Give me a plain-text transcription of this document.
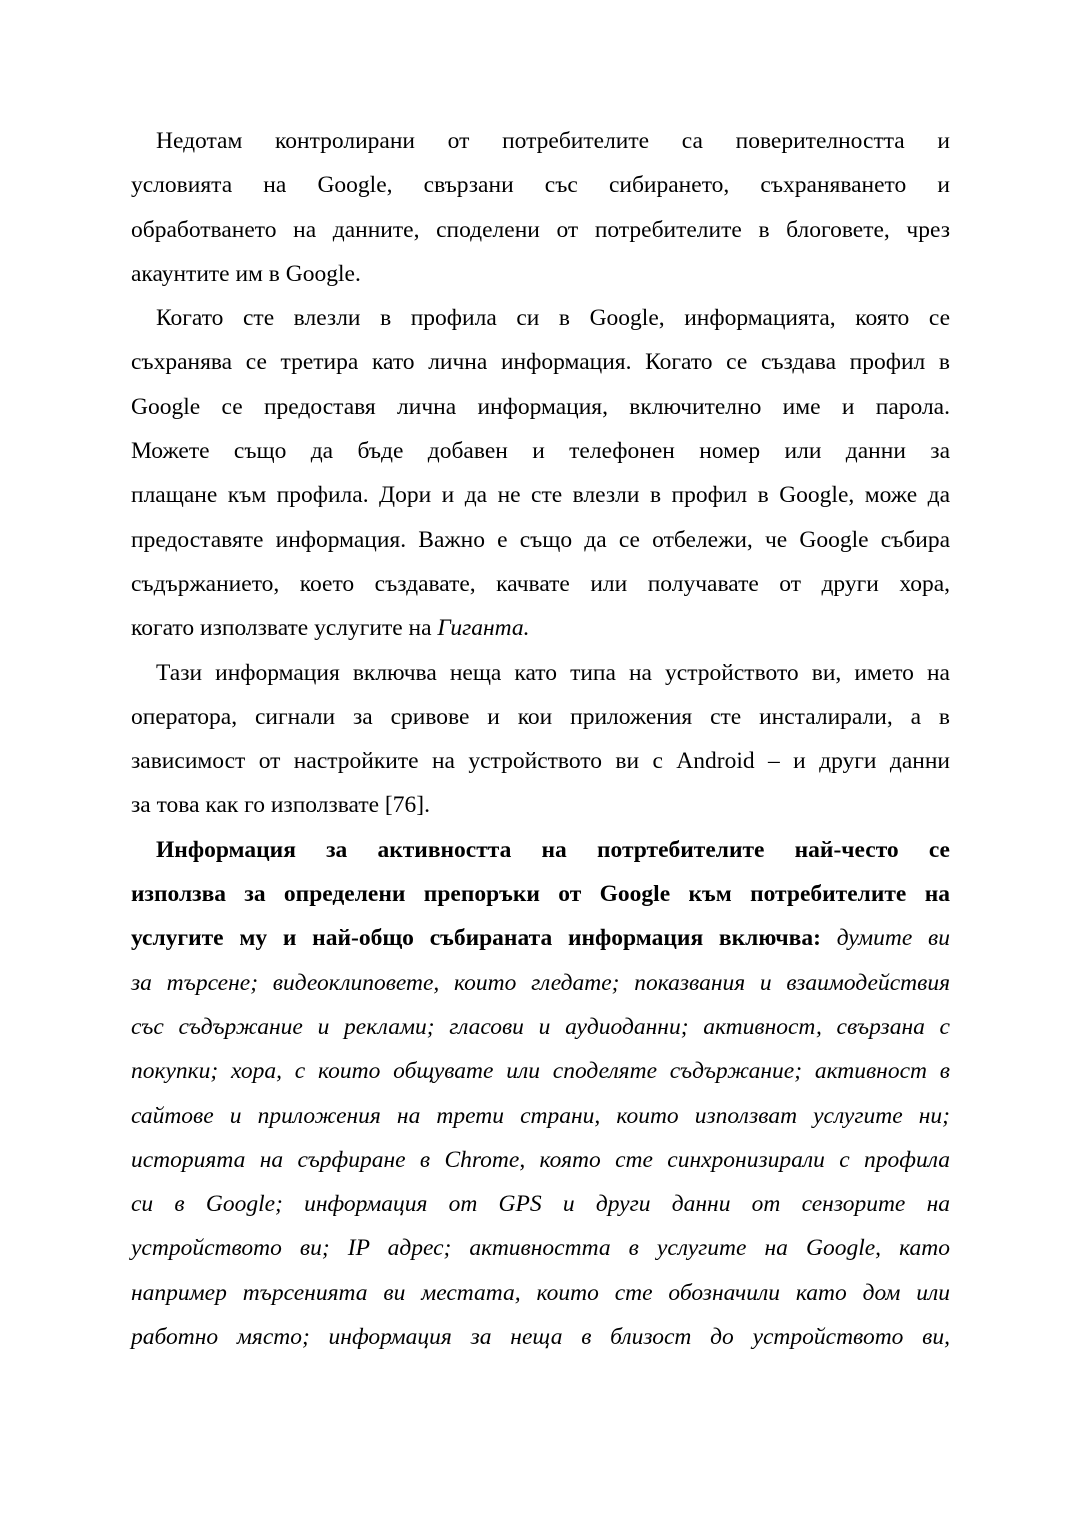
Недотам контролирани от потребителите са поверителността и
условията на Google, свързани със сибирането, съхраняването и
обработването на данните, споделени от потребителите в блоговете, чрез
акаунтите им в Google.
Когато сте влезли в профила си в Google, информацията, която се
съхранява се третира като лична информация. Когато се създава профил в
Google се предоставя лична информация, включително име и парола.
Можете също да бъде добавен и телефонен номер или данни за
плащане към профила. Дори и да не сте влезли в профил в Google, може да
предоставяте информация. Важно е също да се отбележи, че Google събира
съдържанието, което създавате, качвате или получавате от други хора,
когато използвате услугите на Гиганта.
Тази информация включва неща като типа на устройството ви, името на
оператора, сигнали за сривове и кои приложения сте инсталирали, а в
зависимост от настройките на устройството ви с Android – и други данни
за това как го използвате [76].
Информация за активността на потртебителите най-често се
използва за определени препоръки от Google към потребителите на
услугите му и най-общо събираната информация включва: думите ви
за търсене; видеоклиповете, които гледате; показвания и взаимодействия
със съдържание и реклами; гласови и аудиоданни; активност, свързана с
покупки; хора, с които общувате или споделяте съдържание; активност в
сайтове и приложения на трети страни, които използват услугите ни;
историята на сърфиране в Chrome, която сте синхронизирали с профила
си в Google; информация от GPS и други данни от сензорите на
устройството ви; IP адрес; активността в услугите на Google, като
например търсенията ви местата, които сте обозначили като дом или
работно място; информация за неща в близост до устройството ви,
